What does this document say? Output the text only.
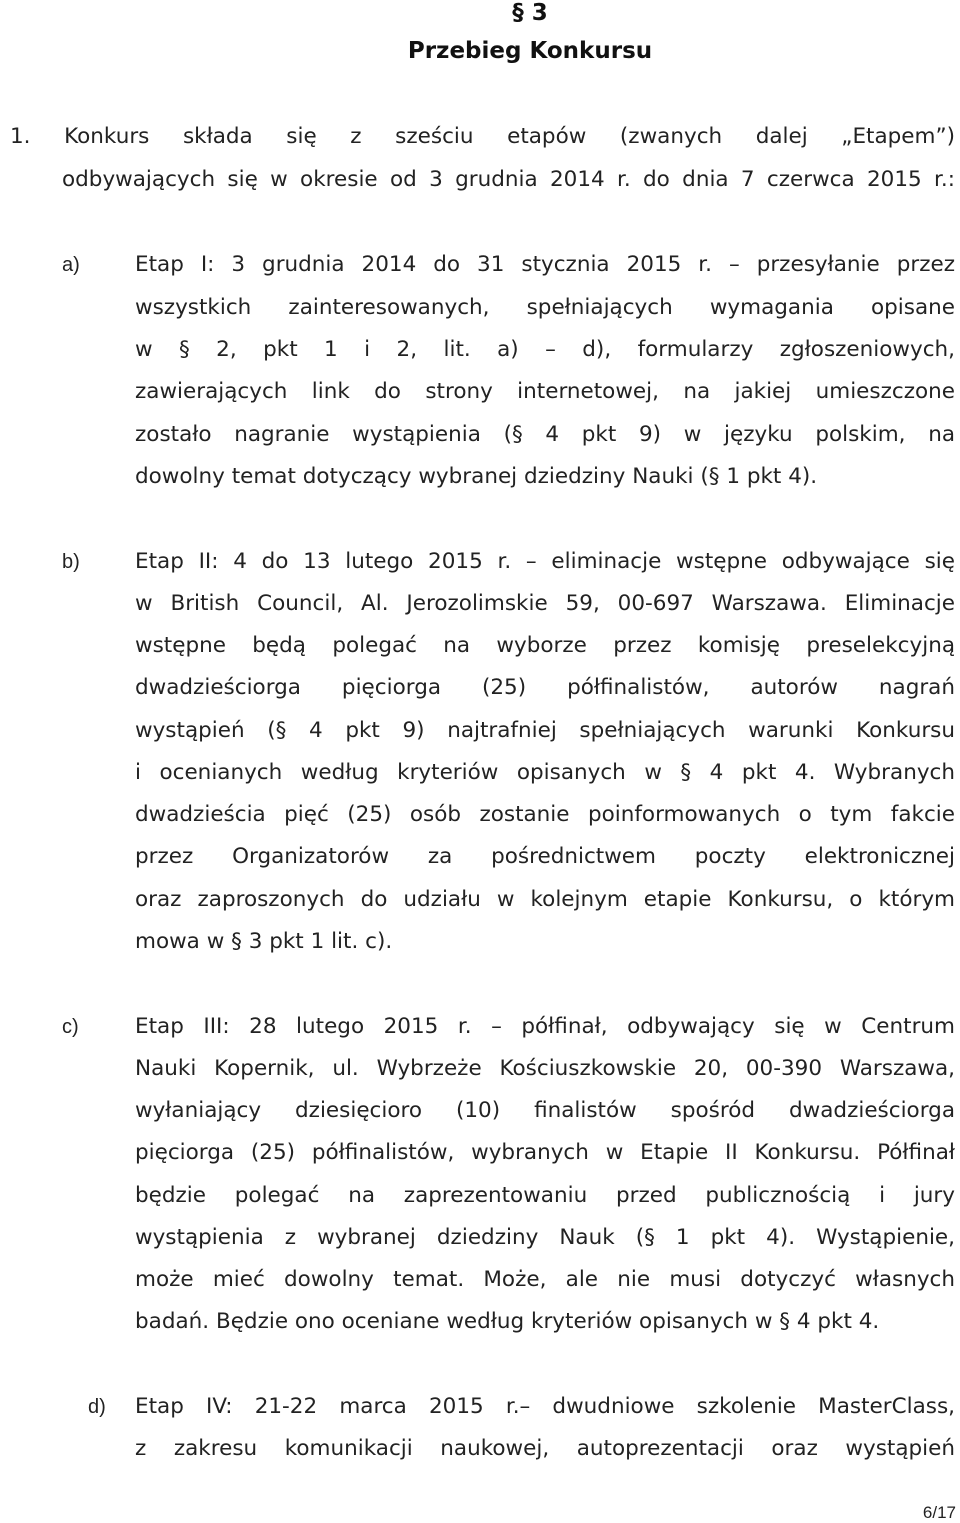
§ 3
Przebieg Konkursu
1. Konkurs składa się z sześciu etapów (zwanych dalej „Etapem”)
odbywających się w okresie od 3 grudnia 2014 r. do dnia 7 czerwca 2015 r.:
a)	Etap I: 3 grudnia 2014 do 31 stycznia 2015 r. – przesyłanie przez
wszystkich zainteresowanych, spełniających wymagania opisane
w § 2, pkt 1 i 2, lit. a) – d), formularzy zgłoszeniowych,
zawierających link do strony internetowej, na jakiej umieszczone
zostało nagranie wystąpienia (§ 4 pkt 9) w języku polskim, na
dowolny temat dotyczący wybranej dziedziny Nauki (§ 1 pkt 4).
b)	Etap II: 4 do 13 lutego 2015 r. – eliminacje wstępne odbywające się
w British Council, Al. Jerozolimskie 59, 00-697 Warszawa. Eliminacje
wstępne będą polegać na wyborze przez komisję preselekcyjną
dwadzieściorga pięciorga (25) półfinalistów, autorów nagrań
wystąpień (§ 4 pkt 9) najtrafniej spełniających warunki Konkursu
i ocenianych według kryteriów opisanych w § 4 pkt 4. Wybranych
dwadzieścia pięć (25) osób zostanie poinformowanych o tym fakcie
przez Organizatorów za pośrednictwem poczty elektronicznej
oraz zaproszonych do udziału w kolejnym etapie Konkursu, o którym
mowa w § 3 pkt 1 lit. c).
c)	Etap III: 28 lutego 2015 r. – półfinał, odbywający się w Centrum
Nauki Kopernik, ul. Wybrzeże Kościuszkowskie 20, 00-390 Warszawa,
wyłaniający dziesięcioro (10) finalistów spośród dwadzieściorga
pięciorga (25) półfinalistów, wybranych w Etapie II Konkursu. Półfinał
będzie polegać na zaprezentowaniu przed publicznością i jury
wystąpienia z wybranej dziedziny Nauk (§ 1 pkt 4). Wystąpienie,
może mieć dowolny temat. Może, ale nie musi dotyczyć własnych
badań. Będzie ono oceniane według kryteriów opisanych w § 4 pkt 4.
d) Etap IV: 21-22 marca 2015 r.– dwudniowe szkolenie MasterClass,
z zakresu komunikacji naukowej, autoprezentacji oraz wystąpień
6/17
